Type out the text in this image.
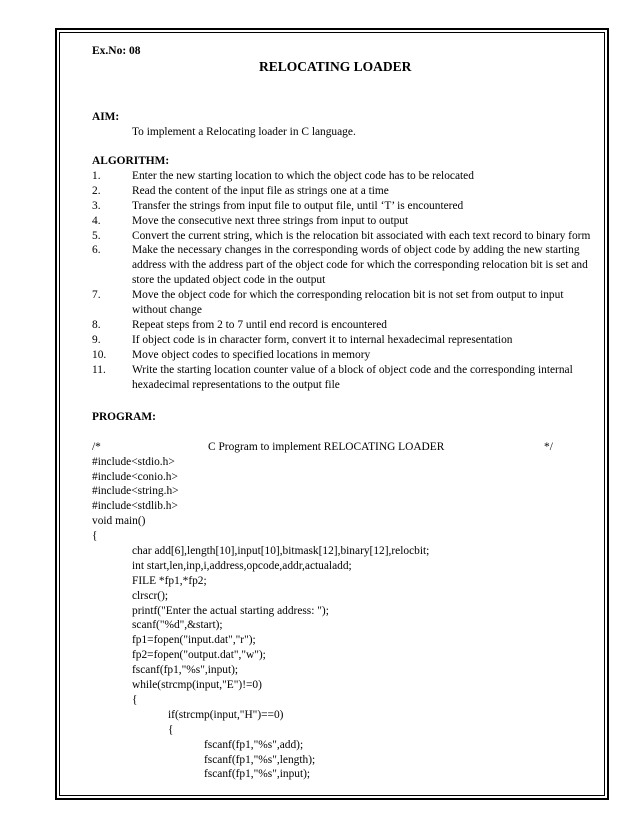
Ex.No: 08
RELOCATING LOADER
AIM:
To implement a Relocating loader in C language.
ALGORITHM:
1.	Enter the new starting location to which the object code has to be relocated
2.	Read the content of the input file as strings one at a time
3.	Transfer the strings from input file to output file, until ‘T’ is encountered
4.	Move the consecutive next three strings from input to output
5.	Convert the current string, which is the relocation bit associated with each text record to binary form
6.	Make the necessary changes in the corresponding words of object code by adding the new starting address with the address part of the object code for which the corresponding relocation bit is set and store the updated object code in the output
7.	Move the object code for which the corresponding relocation bit is not set from output to input without change
8.	Repeat steps from 2 to 7 until end record is encountered
9.	If object code is in character form, convert it to internal hexadecimal representation
10.	Move object codes to specified locations in memory
11.	Write the starting location counter value of a block of object code and the corresponding internal hexadecimal representations to the output file
PROGRAM:
/*	C Program to implement RELOCATING LOADER	*/
#include<stdio.h>
#include<conio.h>
#include<string.h>
#include<stdlib.h>
void main()
{
char add[6],length[10],input[10],bitmask[12],binary[12],relocbit;
int start,len,inp,i,address,opcode,addr,actualadd;
FILE *fp1,*fp2;
clrscr();
printf("Enter the actual starting address: ");
scanf("%d",&start);
fp1=fopen("input.dat","r");
fp2=fopen("output.dat","w");
fscanf(fp1,"%s",input);
while(strcmp(input,"E")!=0)
{
if(strcmp(input,"H")==0)
{
fscanf(fp1,"%s",add);
fscanf(fp1,"%s",length);
fscanf(fp1,"%s",input);
